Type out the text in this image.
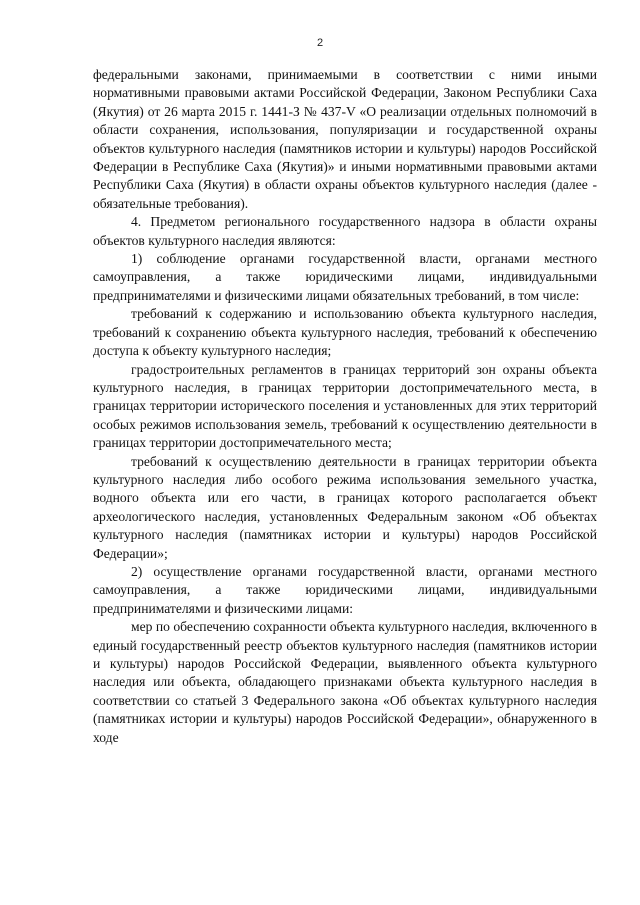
2

федеральными законами, принимаемыми в соответствии с ними иными нормативными правовыми актами Российской Федерации, Законом Республики Саха (Якутия) от 26 марта 2015 г. 1441-З № 437-V «О реализации отдельных полномочий в области сохранения, использования, популяризации и государственной охраны объектов культурного наследия (памятников истории и культуры) народов Российской Федерации в Республике Саха (Якутия)» и иными нормативными правовыми актами Республики Саха (Якутия) в области охраны объектов культурного наследия (далее - обязательные требования).

4. Предметом регионального государственного надзора в области охраны объектов культурного наследия являются:

1) соблюдение органами государственной власти, органами местного самоуправления, а также юридическими лицами, индивидуальными предпринимателями и физическими лицами обязательных требований, в том числе:

требований к содержанию и использованию объекта культурного наследия, требований к сохранению объекта культурного наследия, требований к обеспечению доступа к объекту культурного наследия;

градостроительных регламентов в границах территорий зон охраны объекта культурного наследия, в границах территории достопримечательного места, в границах территории исторического поселения и установленных для этих территорий особых режимов использования земель, требований к осуществлению деятельности в границах территории достопримечательного места;

требований к осуществлению деятельности в границах территории объекта культурного наследия либо особого режима использования земельного участка, водного объекта или его части, в границах которого располагается объект археологического наследия, установленных Федеральным законом «Об объектах культурного наследия (памятниках истории и культуры) народов Российской Федерации»;

2) осуществление органами государственной власти, органами местного самоуправления, а также юридическими лицами, индивидуальными предпринимателями и физическими лицами:

мер по обеспечению сохранности объекта культурного наследия, включенного в единый государственный реестр объектов культурного наследия (памятников истории и культуры) народов Российской Федерации, выявленного объекта культурного наследия или объекта, обладающего признаками объекта культурного наследия в соответствии со статьей 3 Федерального закона «Об объектах культурного наследия (памятниках истории и культуры) народов Российской Федерации», обнаруженного в ходе
